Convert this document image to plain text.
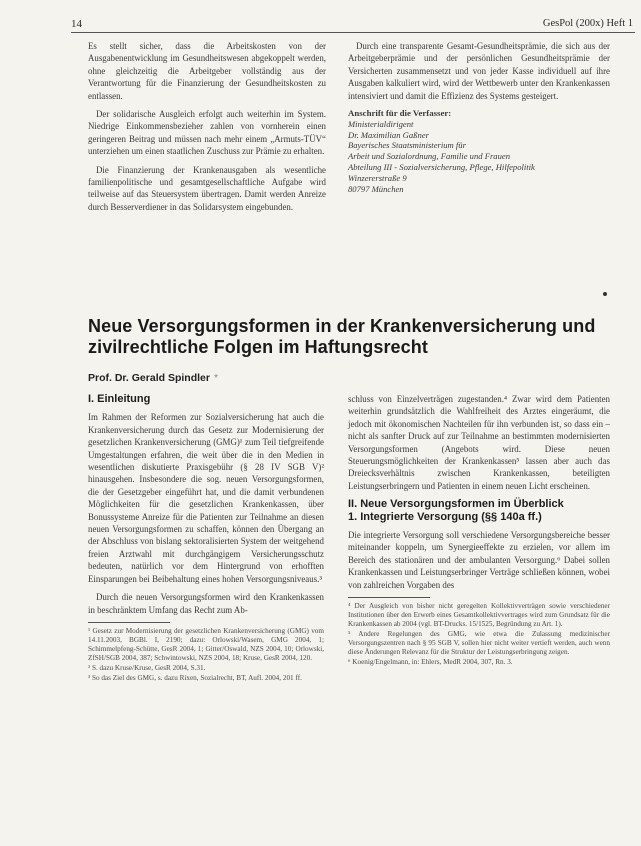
14	GesPol (200x) Heft 1

Es stellt sicher, dass die Arbeitskosten von der Ausgabenentwicklung im Gesundheitswesen abgekoppelt werden, ohne gleichzeitig die Arbeitgeber vollständig aus der Verantwortung für die Finanzierung der Gesundheitskosten zu entlassen.

Der solidarische Ausgleich erfolgt auch weiterhin im System. Niedrige Einkommensbezieher zahlen von vornherein einen geringeren Beitrag und müssen nach mehr einem „Armuts-TÜV“ unterziehen um einen staatlichen Zuschuss zur Prämie zu erhalten.

Die Finanzierung der Krankenausgaben als wesentliche familienpolitische und gesamtgesellschaftliche Aufgabe wird teilweise auf das Steuersystem übertragen. Damit werden Anreize durch Besserverdiener in das Solidarsystem eingebunden.

Durch eine transparente Gesamt-Gesundheitsprämie, die sich aus der Arbeitgeberprämie und der persönlichen Gesundheitsprämie der Versicherten zusammensetzt und von jeder Kasse individuell auf ihre Ausgaben kalkuliert wird, wird der Wettbewerb unter den Krankenkassen intensiviert und damit die Effizienz des Systems gesteigert.

Anschrift für die Verfasser:
Ministerialdirigent
Dr. Maximilian Gaßner
Bayerisches Staatsministerium für
Arbeit und Sozialordnung, Familie und Frauen
Abteilung III - Sozialversicherung, Pflege, Hilfepolitik
Winzererstraße 9
80797 München
Neue Versorgungsformen in der Krankenversicherung und zivilrechtliche Folgen im Haftungsrecht
Prof. Dr. Gerald Spindler *
I. Einleitung

Im Rahmen der Reformen zur Sozialversicherung hat auch die Krankenversicherung durch das Gesetz zur Modernisierung der gesetzlichen Krankenversicherung (GMG)¹ zum Teil tiefgreifende Umgestaltungen erfahren, die weit über die in den Medien in wesentlichen diskutierte Praxisgebühr (§ 28 IV SGB V)² hinausgehen. Insbesondere die sog. neuen Versorgungsformen, die der Gesetzgeber eingeführt hat, und die damit verbundenen Möglichkeiten für die gesetzlichen Krankenkassen, über Bonussysteme Anreize für die Patienten zur Teilnahme an diesen neuen Versorgungsformen zu schaffen, können den Übergang an der Abschluss von bislang sektoralisierten System der weitgehend freien Arztwahl mit durchgängigem Versicherungsschutz bedeuten, natürlich vor dem Hintergrund von erhofften Einsparungen bei Beibehaltung eines hohen Versorgungsniveaus.³

Durch die neuen Versorgungsformen wird den Krankenkassen in beschränktem Umfang das Recht zum Ab-

¹ Gesetz zur Modernisierung der gesetzlichen Krankenversicherung (GMG) vom 14.11.2003, BGBl. I, 2190; dazu: Orlowski/Wasem, GMG 2004, 1; Schimmelpfeng-Schütte, GesR 2004, 1; Gitter/Oswald, NZS 2004, 10; Orlowski, ZfSH/SGB 2004, 387; Schwintowski, NZS 2004, 18; Kruse, GesR 2004, 120.
² S. dazu Kruse/Kruse, GesR 2004, S.31.
³ So das Ziel des GMG, s. dazu Rixen, Sozialrecht, BT, Aufl. 2004, 201 ff.

schluss von Einzelverträgen zugestanden.⁴ Zwar wird dem Patienten weiterhin grundsätzlich die Wahlfreiheit des Arztes eingeräumt, die jedoch mit ökonomischen Nachteilen für ihn verbunden ist, so dass ein – nicht als sanfter Druck auf zur Teilnahme an bestimmten modernisierten Versorgungsformen (Angebots wird. Diese neuen Steuerungsmöglichkeiten der Krankenkassen⁵ lassen aber auch das Dreiecksverhältnis zwischen Krankenkassen, beteiligten Leistungserbringern und Patienten in einem neuen Licht erscheinen.

II. Neue Versorgungsformen im Überblick
1. Integrierte Versorgung (§§ 140a ff.)

Die integrierte Versorgung soll verschiedene Versorgungsbereiche besser miteinander koppeln, um Synergieeffekte zu erzielen, vor allem im Bereich des stationären und der ambulanten Versorgung.⁶ Dabei sollen Krankenkassen und Leistungserbringer Verträge schließen können, wobei von zahlreichen Vorgaben des

⁴ Der Ausgleich von bisher nicht geregelten Kollektivverträgen sowie verschiedener Institutionen über den Erwerb eines Gesamtkollektivvertrages wird zum Grundsatz für die Krankenkassen ab 2004 (vgl. BT-Drucks. 15/1525, Begründung zu Art. 1).
⁵ Andere Regelungen des GMG, wie etwa die Zulassung medizinischer Versorgungszentren nach § 95 SGB V, sollen hier nicht weiter vertieft werden, auch wenn diese Änderungen Relevanz für die Struktur der Leistungserbringung zeigen.
⁶ Koenig/Engelmann, in: Ehlers, MedR 2004, 307, Rn. 3.
